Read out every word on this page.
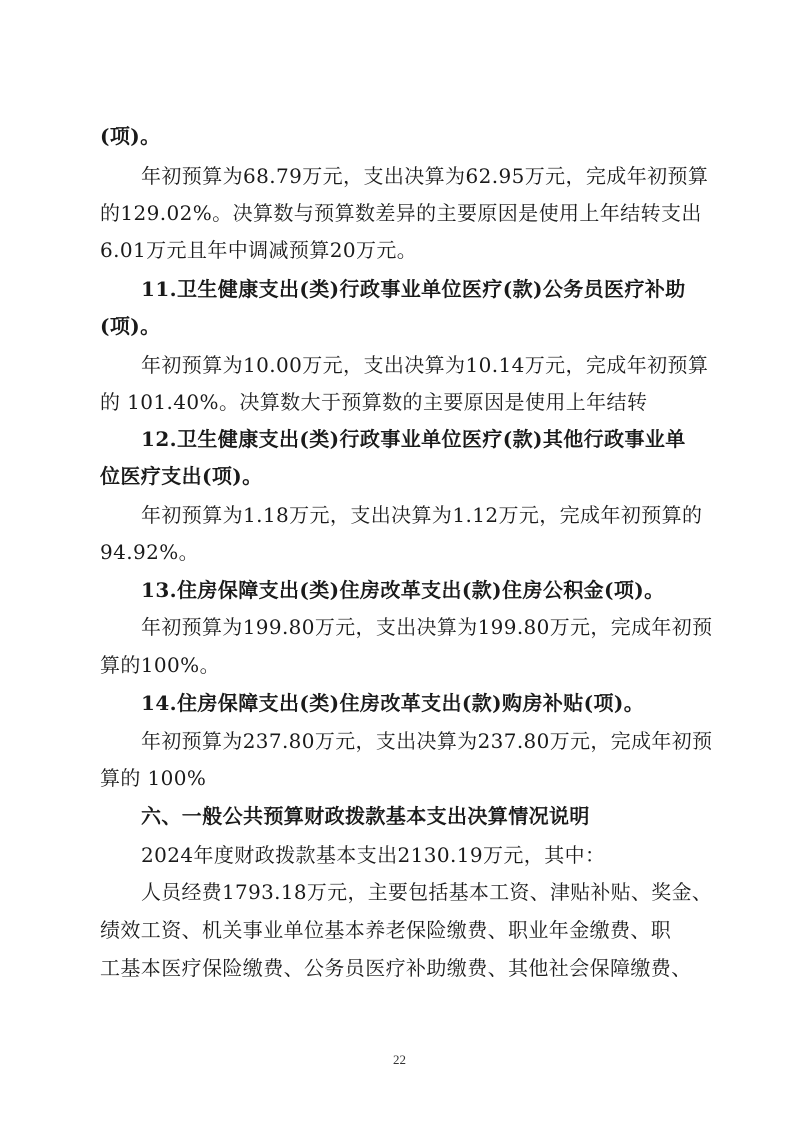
(项)。
年初预算为68.79万元，支出决算为62.95万元，完成年初预算
的129.02%。决算数与预算数差异的主要原因是使用上年结转支出
6.01万元且年中调减预算20万元。
11.卫生健康支出(类)行政事业单位医疗(款)公务员医疗补助
(项)。
年初预算为10.00万元，支出决算为10.14万元，完成年初预算
的 101.40%。决算数大于预算数的主要原因是使用上年结转
12.卫生健康支出(类)行政事业单位医疗(款)其他行政事业单
位医疗支出(项)。
年初预算为1.18万元，支出决算为1.12万元，完成年初预算的
94.92%。
13.住房保障支出(类)住房改革支出(款)住房公积金(项)。
年初预算为199.80万元，支出决算为199.80万元，完成年初预
算的100%。
14.住房保障支出(类)住房改革支出(款)购房补贴(项)。
年初预算为237.80万元，支出决算为237.80万元，完成年初预
算的 100%
六、一般公共预算财政拨款基本支出决算情况说明
2024年度财政拨款基本支出2130.19万元，其中：
人员经费1793.18万元，主要包括基本工资、津贴补贴、奖金、
绩效工资、机关事业单位基本养老保险缴费、职业年金缴费、职
工基本医疗保险缴费、公务员医疗补助缴费、其他社会保障缴费、
22
